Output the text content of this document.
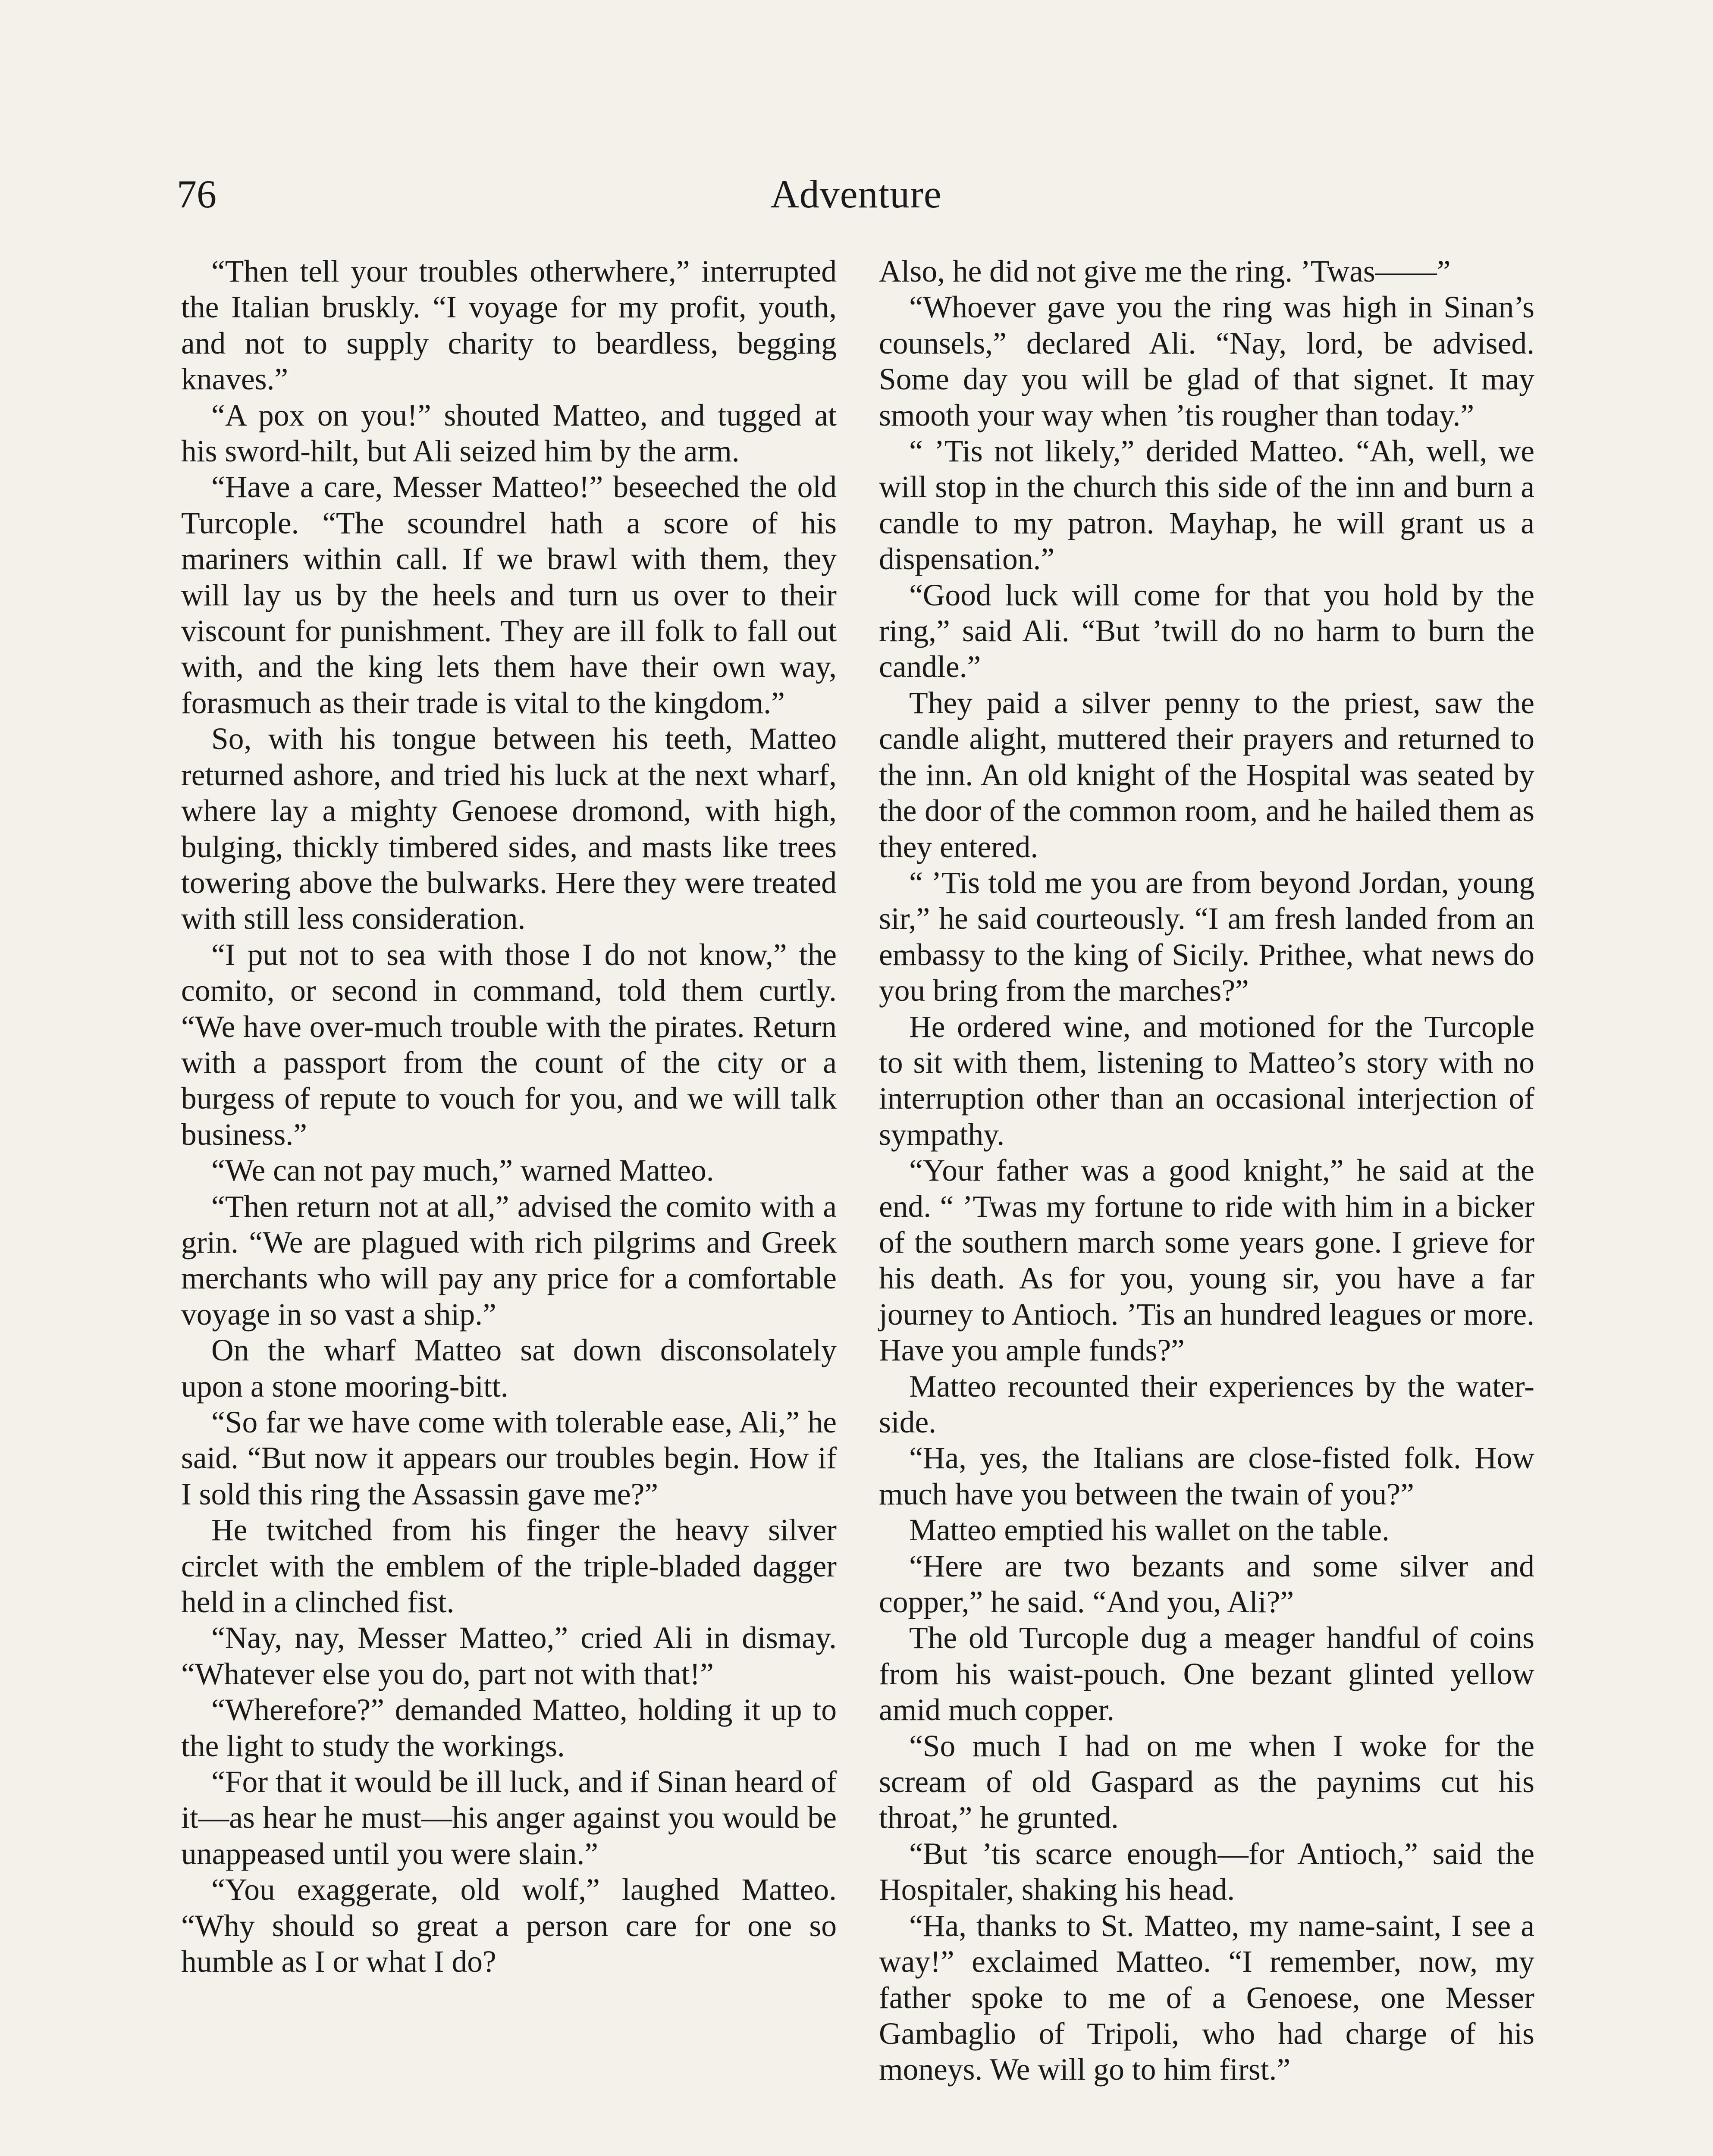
76	Adventure

“Then tell your troubles otherwhere,” interrupted the Italian bruskly. “I voyage for my profit, youth, and not to supply charity to beardless, begging knaves.”

“A pox on you!” shouted Matteo, and tugged at his sword-hilt, but Ali seized him by the arm.

“Have a care, Messer Matteo!” beseeched the old Turcople. “The scoundrel hath a score of his mariners within call. If we brawl with them, they will lay us by the heels and turn us over to their viscount for punishment. They are ill folk to fall out with, and the king lets them have their own way, forasmuch as their trade is vital to the kingdom.”

So, with his tongue between his teeth, Matteo returned ashore, and tried his luck at the next wharf, where lay a mighty Genoese dromond, with high, bulging, thickly timbered sides, and masts like trees towering above the bulwarks. Here they were treated with still less consideration.

“I put not to sea with those I do not know,” the comito, or second in command, told them curtly. “We have over-much trouble with the pirates. Return with a passport from the count of the city or a burgess of repute to vouch for you, and we will talk business.”

“We can not pay much,” warned Matteo.

“Then return not at all,” advised the comito with a grin. “We are plagued with rich pilgrims and Greek merchants who will pay any price for a comfortable voyage in so vast a ship.”

On the wharf Matteo sat down disconsolately upon a stone mooring-bitt.

“So far we have come with tolerable ease, Ali,” he said. “But now it appears our troubles begin. How if I sold this ring the Assassin gave me?”

He twitched from his finger the heavy silver circlet with the emblem of the triple-bladed dagger held in a clinched fist.

“Nay, nay, Messer Matteo,” cried Ali in dismay. “Whatever else you do, part not with that!”

“Wherefore?” demanded Matteo, holding it up to the light to study the workings.

“For that it would be ill luck, and if Sinan heard of it—as hear he must—his anger against you would be unappeased until you were slain.”

“You exaggerate, old wolf,” laughed Matteo. “Why should so great a person care for one so humble as I or what I do?

Also, he did not give me the ring. ’Twas——”

“Whoever gave you the ring was high in Sinan’s counsels,” declared Ali. “Nay, lord, be advised. Some day you will be glad of that signet. It may smooth your way when ’tis rougher than today.”

“ ’Tis not likely,” derided Matteo. “Ah, well, we will stop in the church this side of the inn and burn a candle to my patron. Mayhap, he will grant us a dispensation.”

“Good luck will come for that you hold by the ring,” said Ali. “But ’twill do no harm to burn the candle.”

They paid a silver penny to the priest, saw the candle alight, muttered their prayers and returned to the inn. An old knight of the Hospital was seated by the door of the common room, and he hailed them as they entered.

“ ’Tis told me you are from beyond Jordan, young sir,” he said courteously. “I am fresh landed from an embassy to the king of Sicily. Prithee, what news do you bring from the marches?”

He ordered wine, and motioned for the Turcople to sit with them, listening to Matteo’s story with no interruption other than an occasional interjection of sympathy.

“Your father was a good knight,” he said at the end. “ ’Twas my fortune to ride with him in a bicker of the southern march some years gone. I grieve for his death. As for you, young sir, you have a far journey to Antioch. ’Tis an hundred leagues or more. Have you ample funds?”

Matteo recounted their experiences by the water-side.

“Ha, yes, the Italians are close-fisted folk. How much have you between the twain of you?”

Matteo emptied his wallet on the table.

“Here are two bezants and some silver and copper,” he said. “And you, Ali?”

The old Turcople dug a meager handful of coins from his waist-pouch. One bezant glinted yellow amid much copper.

“So much I had on me when I woke for the scream of old Gaspard as the paynims cut his throat,” he grunted.

“But ’tis scarce enough—for Antioch,” said the Hospitaler, shaking his head.

“Ha, thanks to St. Matteo, my name-saint, I see a way!” exclaimed Matteo. “I remember, now, my father spoke to me of a Genoese, one Messer Gambaglio of Tripoli, who had charge of his moneys. We will go to him first.”
